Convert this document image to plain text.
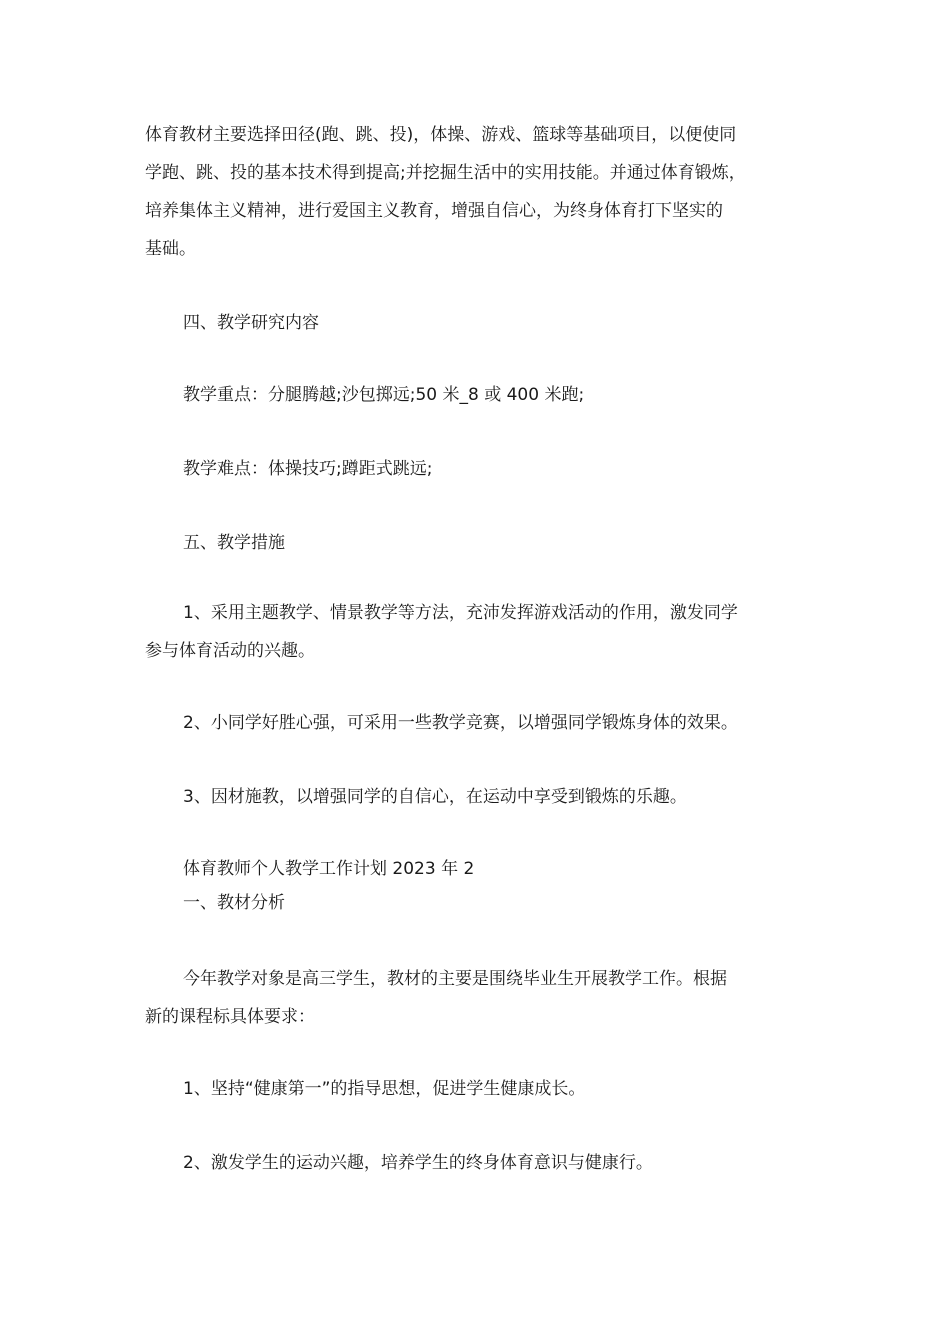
体育教材主要选择田径(跑、跳、投)，体操、游戏、篮球等基础项目，以便使同
学跑、跳、投的基本技术得到提高;并挖掘生活中的实用技能。并通过体育锻炼，
培养集体主义精神，进行爱国主义教育，增强自信心，为终身体育打下坚实的
基础。

四、教学研究内容

教学重点：分腿腾越;沙包掷远;50 米_8 或 400 米跑;

教学难点：体操技巧;蹲距式跳远;

五、教学措施

1、采用主题教学、情景教学等方法，充沛发挥游戏活动的作用，激发同学
参与体育活动的兴趣。

2、小同学好胜心强，可采用一些教学竞赛，以增强同学锻炼身体的效果。

3、因材施教，以增强同学的自信心，在运动中享受到锻炼的乐趣。

体育教师个人教学工作计划 2023 年 2
一、教材分析

今年教学对象是高三学生，教材的主要是围绕毕业生开展教学工作。根据
新的课程标具体要求：

1、坚持“健康第一”的指导思想，促进学生健康成长。

2、激发学生的运动兴趣，培养学生的终身体育意识与健康行。
